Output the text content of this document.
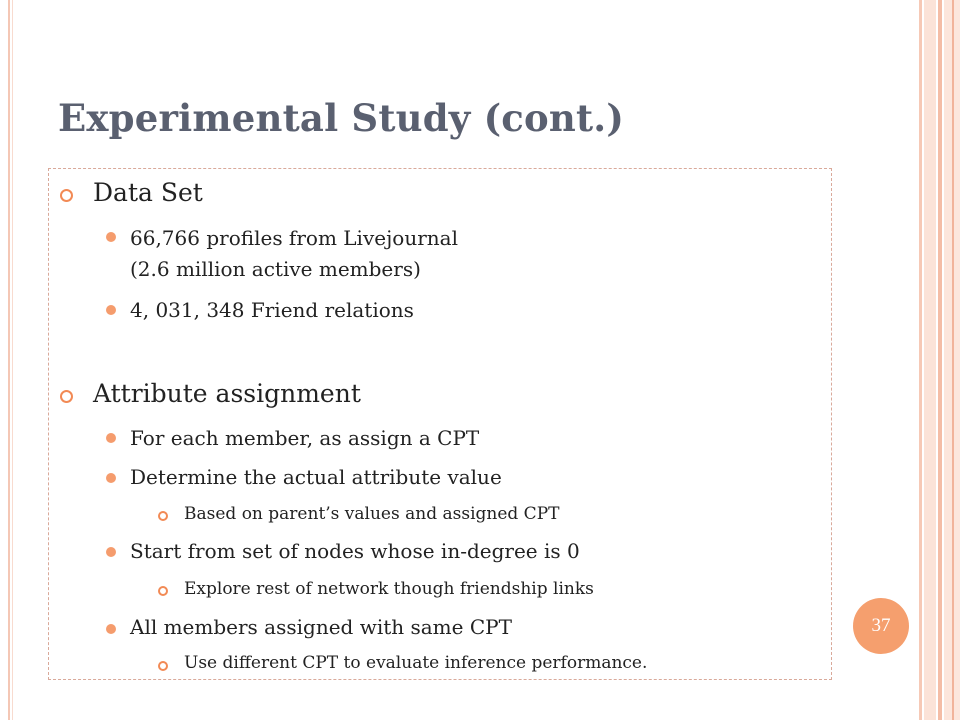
Experimental Study (cont.)
Data Set
66,766 profiles from Livejournal
(2.6 million active members)
4, 031, 348 Friend relations
Attribute assignment
For each member, as assign a CPT
Determine the actual attribute value
Based on parent’s values and assigned CPT
Start from set of nodes whose in-degree is 0
Explore rest of network though friendship links
All members assigned with same CPT
Use different CPT to evaluate inference performance.
37
